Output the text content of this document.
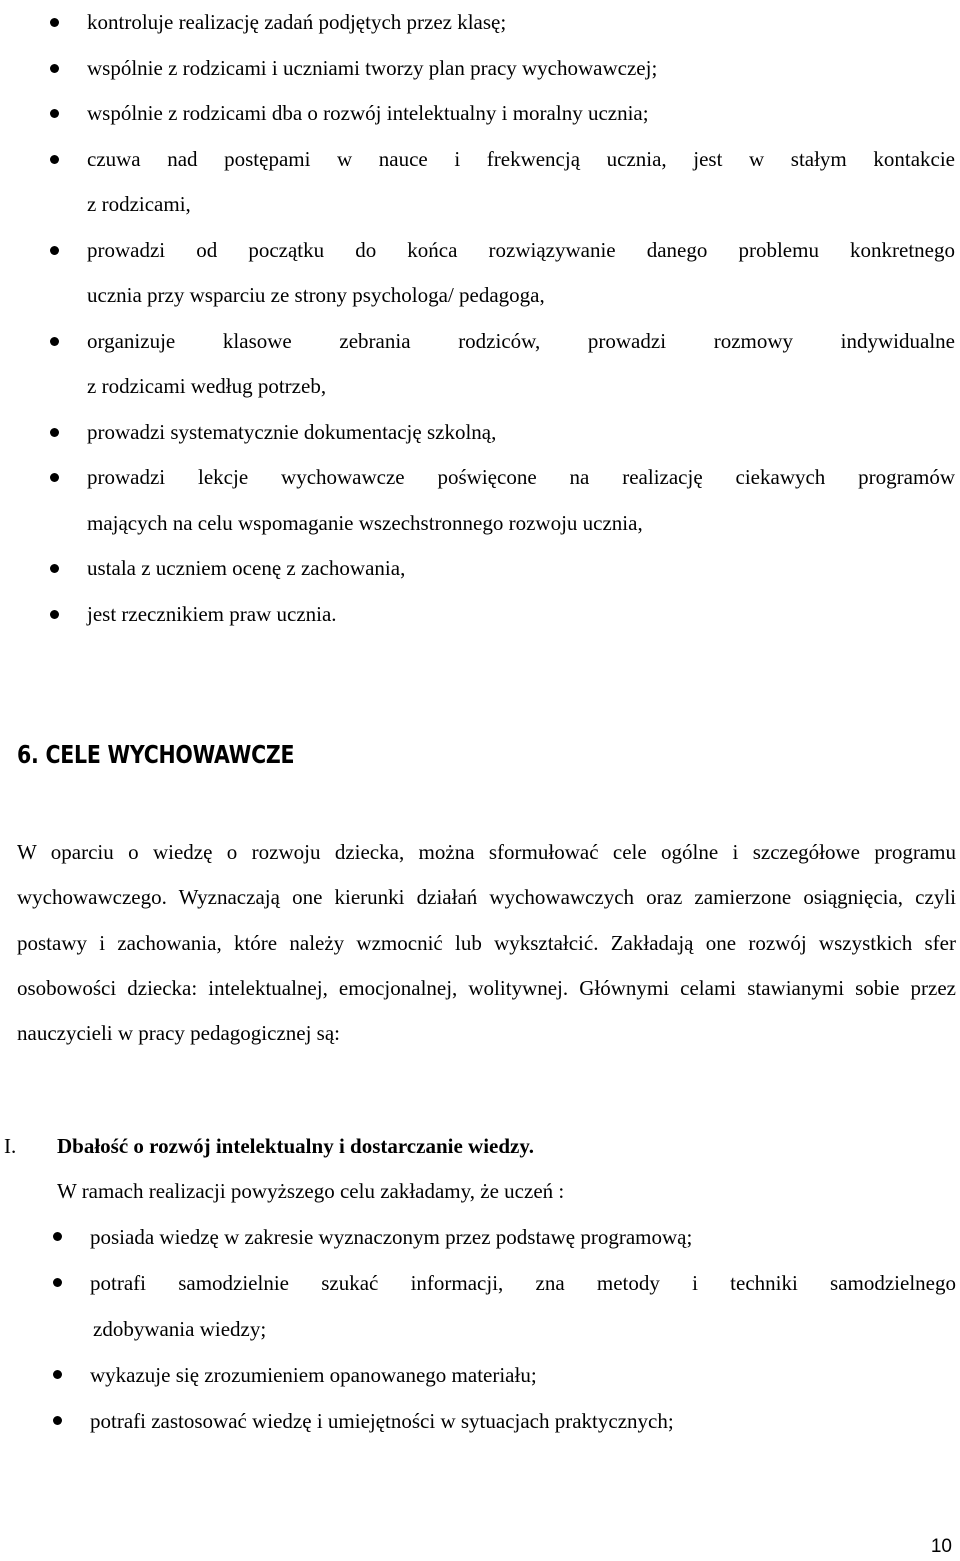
kontroluje realizację zadań podjętych przez klasę;
wspólnie z rodzicami i uczniami tworzy plan pracy wychowawczej;
wspólnie z rodzicami dba o rozwój intelektualny i moralny ucznia;
czuwa nad postępami w nauce i frekwencją ucznia, jest w stałym kontakcie
z rodzicami,
prowadzi od początku do końca rozwiązywanie danego problemu konkretnego
ucznia przy wsparciu ze strony psychologa/ pedagoga,
organizuje klasowe zebrania rodziców, prowadzi rozmowy indywidualne
z rodzicami według potrzeb,
prowadzi systematycznie dokumentację szkolną,
prowadzi lekcje wychowawcze poświęcone na realizację ciekawych programów
mających na celu wspomaganie wszechstronnego rozwoju ucznia,
ustala z uczniem ocenę z zachowania,
jest rzecznikiem praw ucznia.
6. CELE WYCHOWAWCZE
W oparciu o wiedzę o rozwoju dziecka, można sformułować cele ogólne i szczegółowe programu wychowawczego. Wyznaczają one kierunki działań wychowawczych oraz zamierzone osiągnięcia, czyli postawy i zachowania, które należy wzmocnić lub wykształcić. Zakładają one rozwój wszystkich sfer osobowości dziecka: intelektualnej, emocjonalnej, wolitywnej. Głównymi celami stawianymi sobie przez nauczycieli w pracy pedagogicznej są:
I. Dbałość o rozwój intelektualny i dostarczanie wiedzy.
W ramach realizacji powyższego celu zakładamy, że uczeń :
posiada wiedzę w zakresie wyznaczonym przez podstawę programową;
potrafi samodzielnie szukać informacji, zna metody i techniki samodzielnego
zdobywania wiedzy;
wykazuje się zrozumieniem opanowanego materiału;
potrafi zastosować wiedzę i umiejętności w sytuacjach praktycznych;
10
